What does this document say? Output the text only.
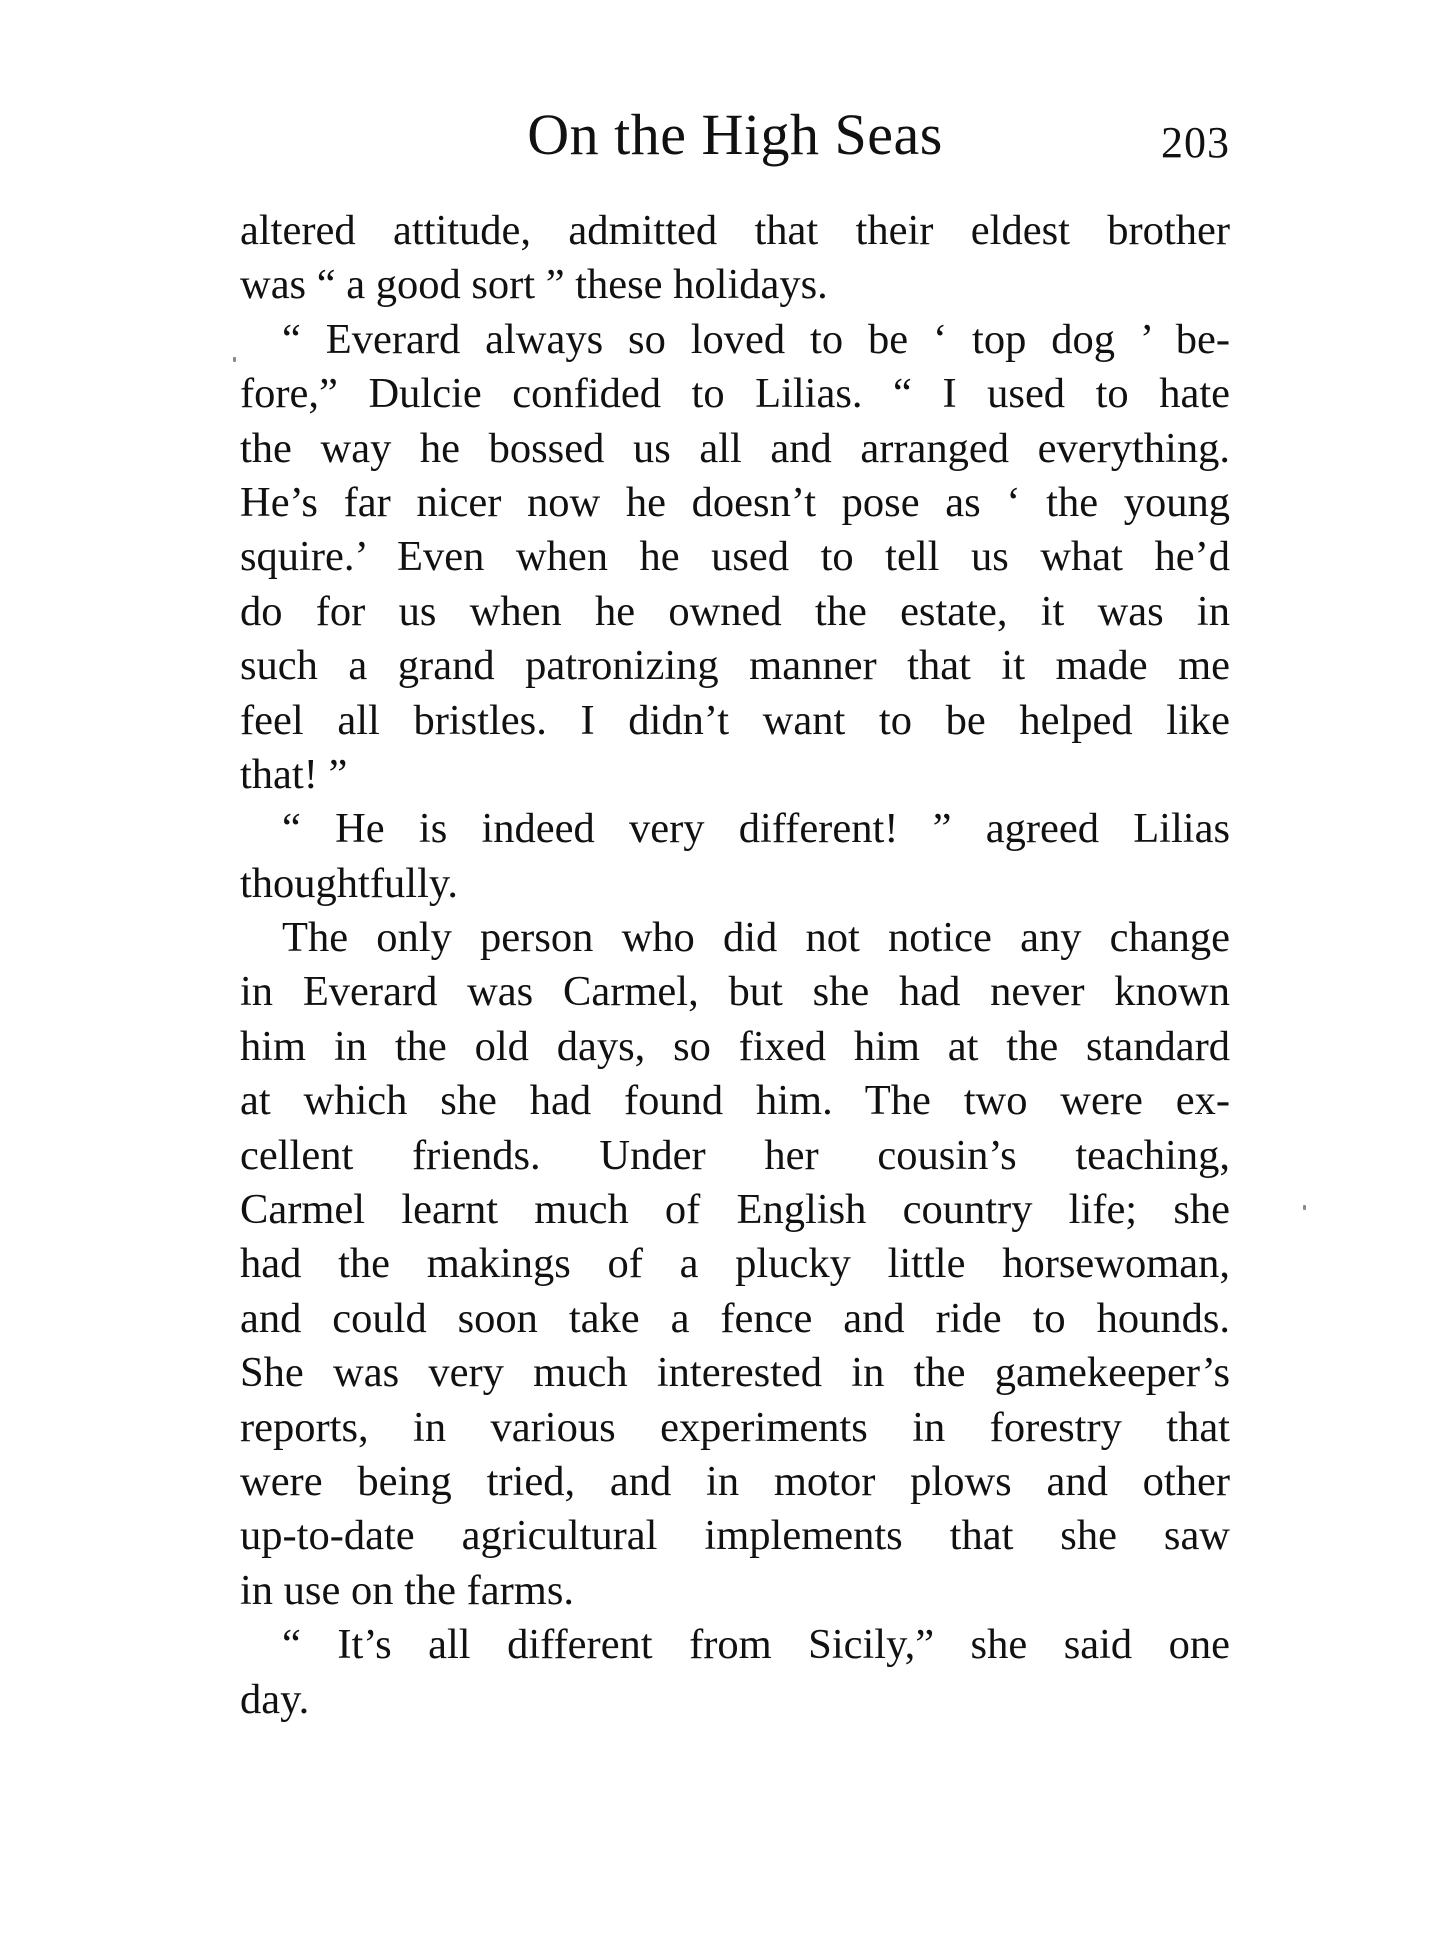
On the High Seas	203
altered attitude, admitted that their eldest brother
was “ a good sort ” these holidays.
“ Everard always so loved to be ‘ top dog ’ be-
fore,” Dulcie confided to Lilias. “ I used to hate
the way he bossed us all and arranged everything.
He’s far nicer now he doesn’t pose as ‘ the young
squire.’ Even when he used to tell us what he’d
do for us when he owned the estate, it was in
such a grand patronizing manner that it made me
feel all bristles. I didn’t want to be helped like
that! ”
“ He is indeed very different! ” agreed Lilias
thoughtfully.
The only person who did not notice any change
in Everard was Carmel, but she had never known
him in the old days, so fixed him at the standard
at which she had found him. The two were ex-
cellent friends. Under her cousin’s teaching,
Carmel learnt much of English country life; she
had the makings of a plucky little horsewoman,
and could soon take a fence and ride to hounds.
She was very much interested in the gamekeeper’s
reports, in various experiments in forestry that
were being tried, and in motor plows and other
up-to-date agricultural implements that she saw
in use on the farms.
“ It’s all different from Sicily,” she said one
day.
